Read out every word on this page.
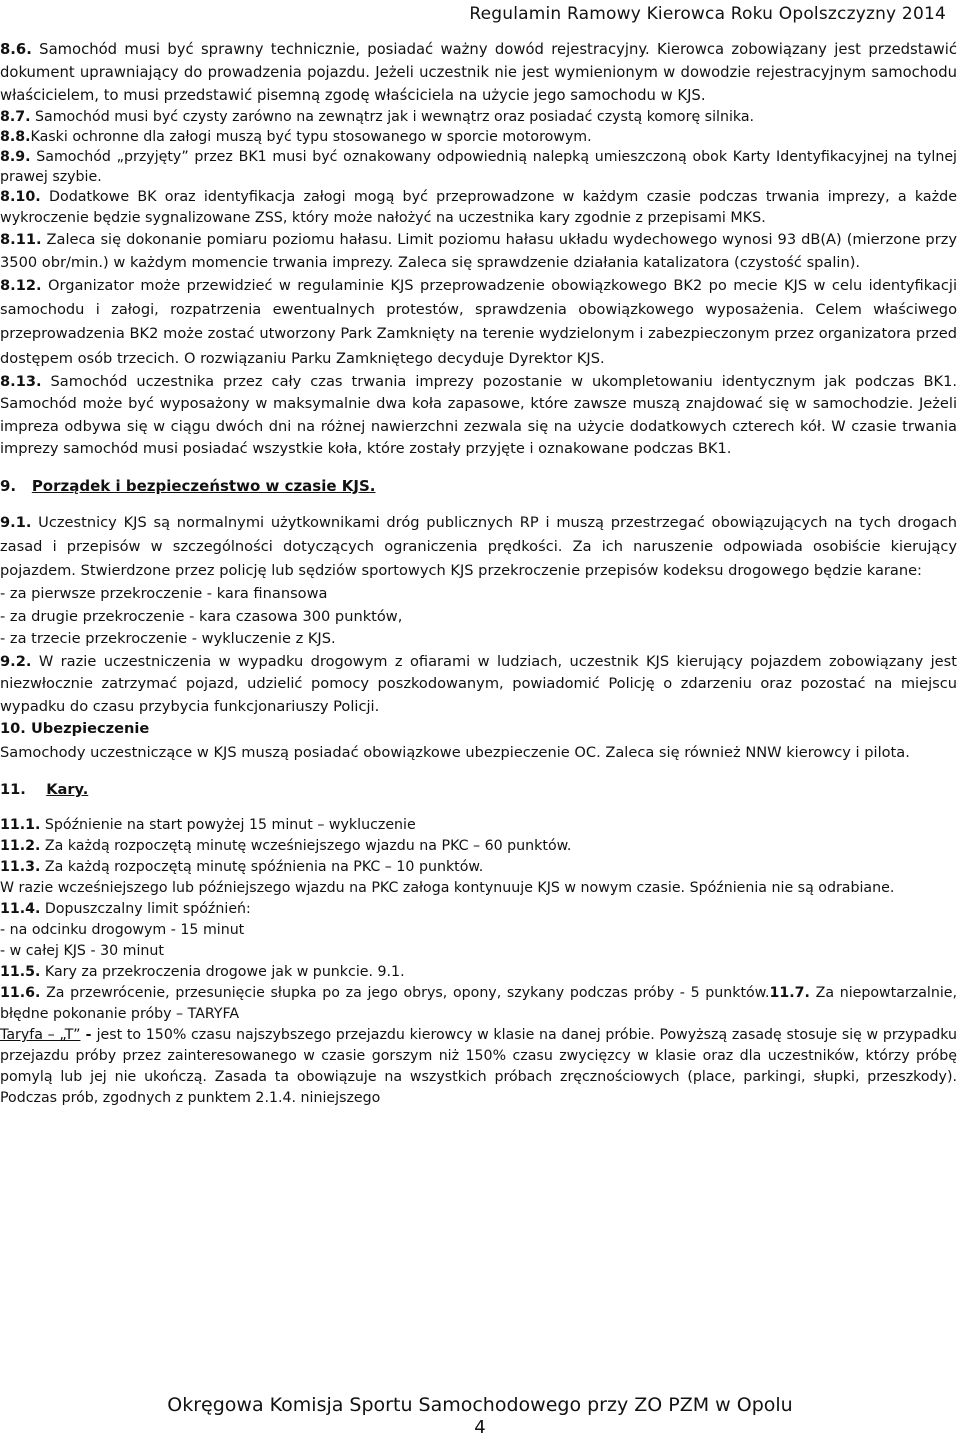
Regulamin Ramowy Kierowca Roku Opolszczyzny 2014

8.6. Samochód musi być sprawny technicznie, posiadać ważny dowód rejestracyjny. Kierowca zobowiązany jest przedstawić dokument uprawniający do prowadzenia pojazdu. Jeżeli uczestnik nie jest wymienionym w dowodzie rejestracyjnym samochodu właścicielem, to musi przedstawić pisemną zgodę właściciela na użycie jego samochodu w KJS.

8.7. Samochód musi być czysty zarówno na zewnątrz jak i wewnątrz oraz posiadać czystą komorę silnika.

8.8.Kaski ochronne dla załogi muszą być typu stosowanego w sporcie motorowym.

8.9. Samochód „przyjęty” przez BK1 musi być oznakowany odpowiednią nalepką umieszczoną obok Karty Identyfikacyjnej na tylnej prawej szybie.

8.10. Dodatkowe BK oraz identyfikacja załogi mogą być przeprowadzone w każdym czasie podczas trwania imprezy, a każde wykroczenie będzie sygnalizowane ZSS, który może nałożyć na uczestnika kary zgodnie z przepisami MKS.

8.11. Zaleca się dokonanie pomiaru poziomu hałasu. Limit poziomu hałasu układu wydechowego wynosi 93 dB(A) (mierzone przy 3500 obr/min.) w każdym momencie trwania imprezy. Zaleca się sprawdzenie działania katalizatora (czystość spalin).

8.12. Organizator może przewidzieć w regulaminie KJS przeprowadzenie obowiązkowego BK2 po mecie KJS w celu identyfikacji samochodu i załogi, rozpatrzenia ewentualnych protestów, sprawdzenia obowiązkowego wyposażenia. Celem właściwego przeprowadzenia BK2 może zostać utworzony Park Zamknięty na terenie wydzielonym i zabezpieczonym przez organizatora przed dostępem osób trzecich. O rozwiązaniu Parku Zamkniętego decyduje Dyrektor KJS.

8.13. Samochód uczestnika przez cały czas trwania imprezy pozostanie w ukompletowaniu identycznym jak podczas BK1. Samochód może być wyposażony w maksymalnie dwa koła zapasowe, które zawsze muszą znajdować się w samochodzie. Jeżeli impreza odbywa się w ciągu dwóch dni na różnej nawierzchni zezwala się na użycie dodatkowych czterech kół. W czasie trwania imprezy samochód musi posiadać wszystkie koła, które zostały przyjęte i oznakowane podczas BK1.

9. Porządek i bezpieczeństwo w czasie KJS.

9.1. Uczestnicy KJS są normalnymi użytkownikami dróg publicznych RP i muszą przestrzegać obowiązujących na tych drogach zasad i przepisów w szczególności dotyczących ograniczenia prędkości. Za ich naruszenie odpowiada osobiście kierujący pojazdem. Stwierdzone przez policję lub sędziów sportowych KJS przekroczenie przepisów kodeksu drogowego będzie karane:

- za pierwsze przekroczenie - kara finansowa

- za drugie przekroczenie - kara czasowa 300 punktów,

- za trzecie przekroczenie - wykluczenie z KJS.

9.2. W razie uczestniczenia w wypadku drogowym z ofiarami w ludziach, uczestnik KJS kierujący pojazdem zobowiązany jest niezwłocznie zatrzymać pojazd, udzielić pomocy poszkodowanym, powiadomić Policję o zdarzeniu oraz pozostać na miejscu wypadku do czasu przybycia funkcjonariuszy Policji.

10. Ubezpieczenie

Samochody uczestniczące w KJS muszą posiadać obowiązkowe ubezpieczenie OC. Zaleca się również NNW kierowcy i pilota.

11. Kary.

11.1. Spóźnienie na start powyżej 15 minut – wykluczenie

11.2. Za każdą rozpoczętą minutę wcześniejszego wjazdu na PKC – 60 punktów.

11.3. Za każdą rozpoczętą minutę spóźnienia na PKC – 10 punktów.

W razie wcześniejszego lub późniejszego wjazdu na PKC załoga kontynuuje KJS w nowym czasie. Spóźnienia nie są odrabiane.

11.4. Dopuszczalny limit spóźnień:

- na odcinku drogowym - 15 minut

- w całej KJS - 30 minut

11.5. Kary za przekroczenia drogowe jak w punkcie. 9.1.

11.6. Za przewrócenie, przesunięcie słupka po za jego obrys, opony, szykany podczas próby - 5 punktów.11.7. Za niepowtarzalnie, błędne pokonanie próby – TARYFA

Taryfa – „T” - jest to 150% czasu najszybszego przejazdu kierowcy w klasie na danej próbie. Powyższą zasadę stosuje się w przypadku przejazdu próby przez zainteresowanego w czasie gorszym niż 150% czasu zwycięzcy w klasie oraz dla uczestników, którzy próbę pomylą lub jej nie ukończą. Zasada ta obowiązuje na wszystkich próbach zręcznościowych (place, parkingi, słupki, przeszkody). Podczas prób, zgodnych z punktem 2.1.4. niniejszego

Okręgowa Komisja Sportu Samochodowego przy ZO PZM w Opolu
4
